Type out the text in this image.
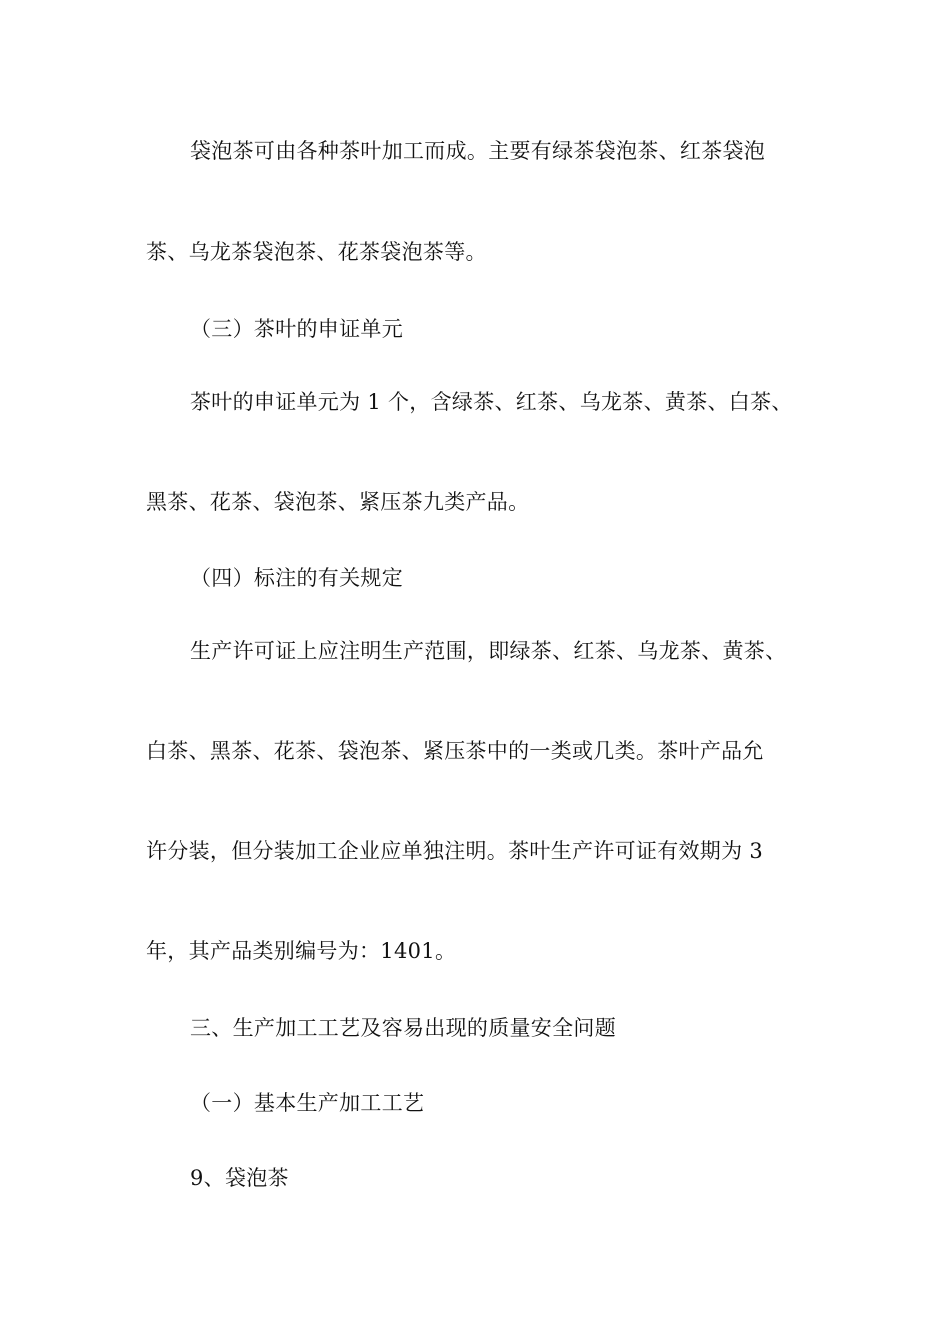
袋泡茶可由各种茶叶加工而成。主要有绿茶袋泡茶、红茶袋泡
茶、乌龙茶袋泡茶、花茶袋泡茶等。
（三）茶叶的申证单元
茶叶的申证单元为 1 个，含绿茶、红茶、乌龙茶、黄茶、白茶、
黑茶、花茶、袋泡茶、紧压茶九类产品。
（四）标注的有关规定
生产许可证上应注明生产范围，即绿茶、红茶、乌龙茶、黄茶、
白茶、黑茶、花茶、袋泡茶、紧压茶中的一类或几类。茶叶产品允
许分装，但分装加工企业应单独注明。茶叶生产许可证有效期为 3
年，其产品类别编号为：1401。
三、生产加工工艺及容易出现的质量安全问题
（一）基本生产加工工艺
9、袋泡茶
